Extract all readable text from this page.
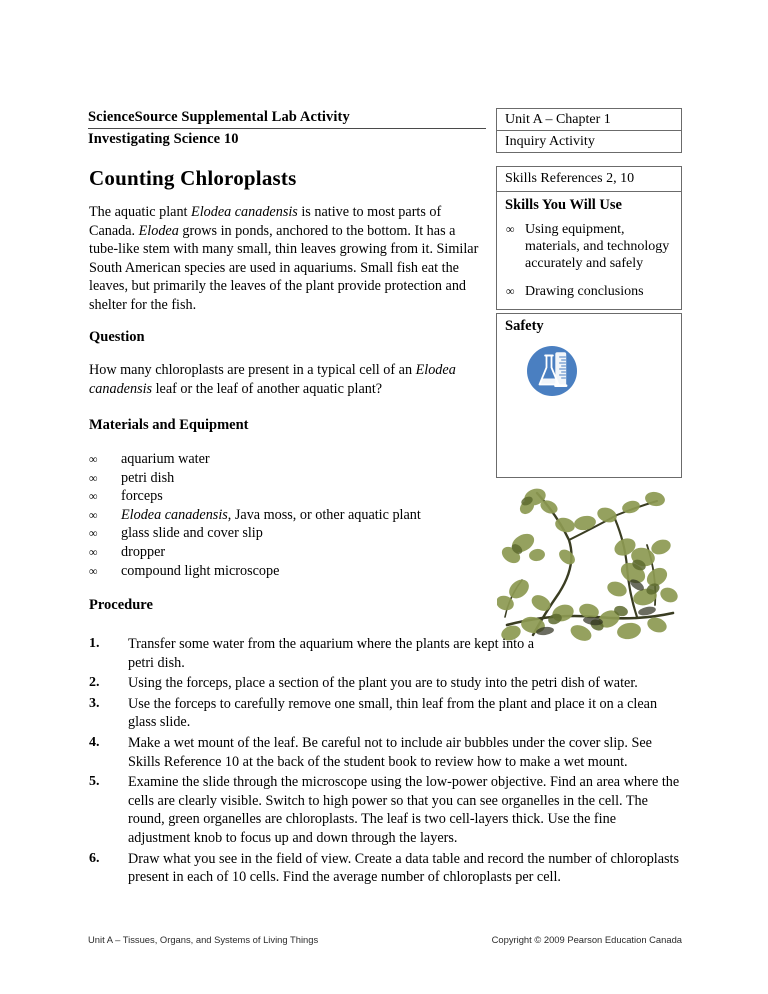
ScienceSource Supplemental Lab Activity
Investigating Science 10
Unit A – Chapter 1
Inquiry Activity
Counting Chloroplasts	Skills References 2, 10
Skills You Will Use
∞ Using equipment, materials, and technology accurately and safely
∞ Drawing conclusions
Safety
The aquatic plant Elodea canadensis is native to most parts of Canada. Elodea grows in ponds, anchored to the bottom. It has a tube-like stem with many small, thin leaves growing from it. Similar South American species are used in aquariums. Small fish eat the leaves, but primarily the leaves of the plant provide protection and shelter for the fish.
Question
How many chloroplasts are present in a typical cell of an Elodea canadensis leaf or the leaf of another aquatic plant?
Materials and Equipment
∞ aquarium water
∞ petri dish
∞ forceps
∞ Elodea canadensis, Java moss, or other aquatic plant
∞ glass slide and cover slip
∞ dropper
∞ compound light microscope
Procedure
1. Transfer some water from the aquarium where the plants are kept into a petri dish.
2. Using the forceps, place a section of the plant you are to study into the petri dish of water.
3. Use the forceps to carefully remove one small, thin leaf from the plant and place it on a clean glass slide.
4. Make a wet mount of the leaf. Be careful not to include air bubbles under the cover slip. See Skills Reference 10 at the back of the student book to review how to make a wet mount.
5. Examine the slide through the microscope using the low-power objective. Find an area where the cells are clearly visible. Switch to high power so that you can see organelles in the cell. The round, green organelles are chloroplasts. The leaf is two cell-layers thick. Use the fine adjustment knob to focus up and down through the layers.
6. Draw what you see in the field of view. Create a data table and record the number of chloroplasts present in each of 10 cells. Find the average number of chloroplasts per cell.
Unit A – Tissues, Organs, and Systems of Living Things	Copyright © 2009 Pearson Education Canada
